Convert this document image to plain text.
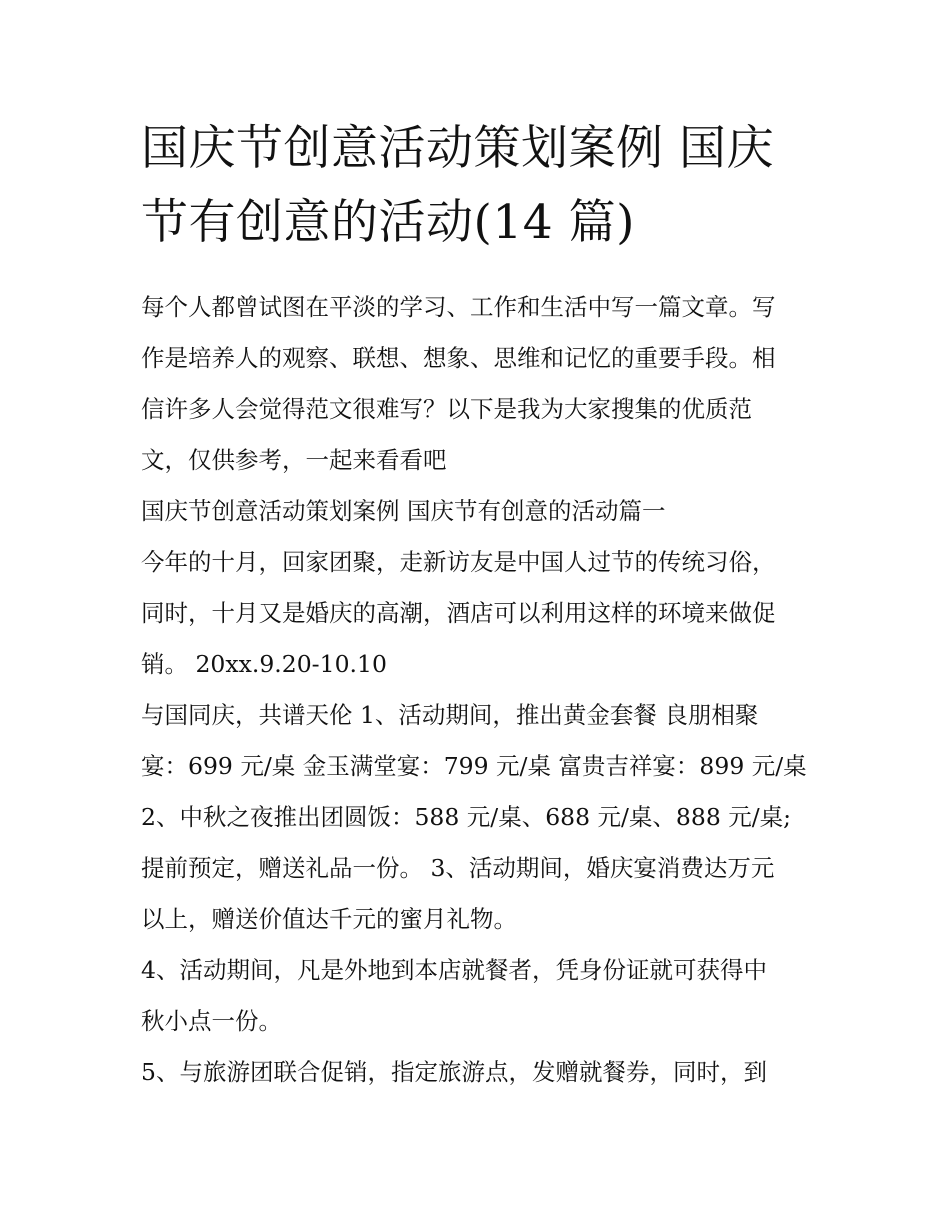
国庆节创意活动策划案例 国庆
节有创意的活动(14 篇)

每个人都曾试图在平淡的学习、工作和生活中写一篇文章。写
作是培养人的观察、联想、想象、思维和记忆的重要手段。相
信许多人会觉得范文很难写？以下是我为大家搜集的优质范
文，仅供参考，一起来看看吧

国庆节创意活动策划案例 国庆节有创意的活动篇一

今年的十月，回家团聚，走新访友是中国人过节的传统习俗，
同时，十月又是婚庆的高潮，酒店可以利用这样的环境来做促
销。 20xx.9.20-10.10

与国同庆，共谱天伦 1、活动期间，推出黄金套餐 良朋相聚
宴：699 元/桌 金玉满堂宴：799 元/桌 富贵吉祥宴：899 元/桌
2、中秋之夜推出团圆饭：588 元/桌、688 元/桌、888 元/桌;
提前预定，赠送礼品一份。 3、活动期间，婚庆宴消费达万元
以上，赠送价值达千元的蜜月礼物。

4、活动期间，凡是外地到本店就餐者，凭身份证就可获得中
秋小点一份。

5、与旅游团联合促销，指定旅游点，发赠就餐券，同时，到
